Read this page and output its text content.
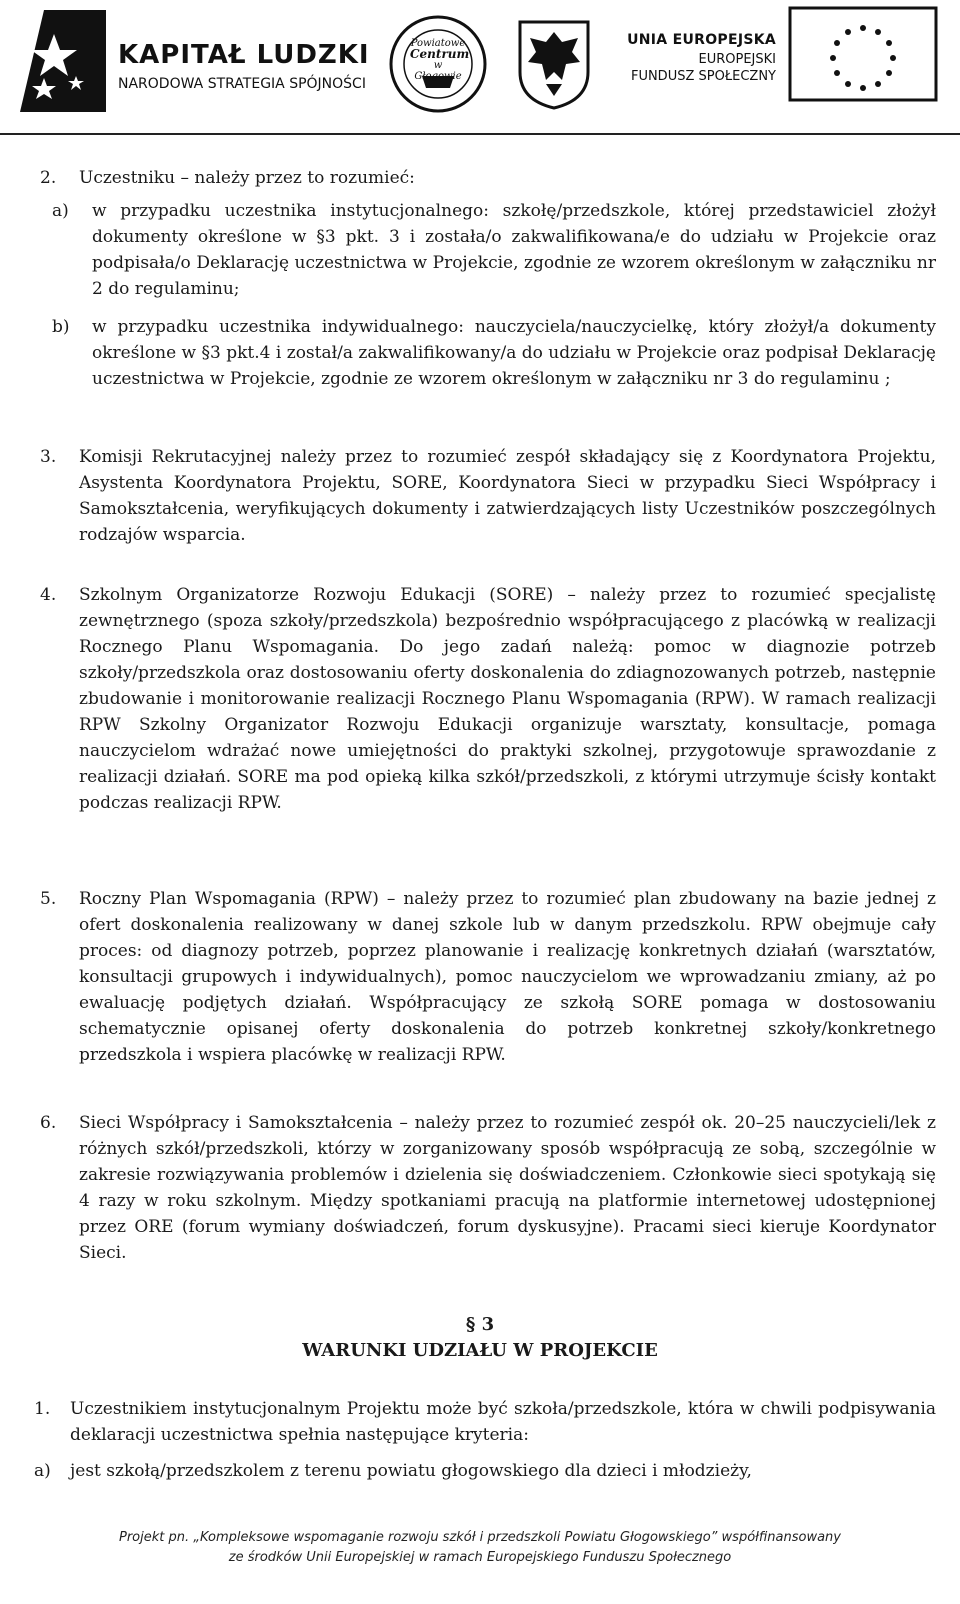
KAPITAŁ LUDZKI
NARODOWA STRATEGIA SPÓJNOŚCI
Powiatowe
Centrum
w Głogowie
UNIA EUROPEJSKA
EUROPEJSKI
FUNDUSZ SPOŁECZNY
2. Uczestniku – należy przez to rozumieć:
a) w przypadku uczestnika instytucjonalnego: szkołę/przedszkole, której przedstawiciel złożył dokumenty określone w §3 pkt. 3 i została/o zakwalifikowana/e do udziału w Projekcie oraz podpisała/o Deklarację uczestnictwa w Projekcie, zgodnie ze wzorem określonym w załączniku nr 2 do regulaminu;
b) w przypadku uczestnika indywidualnego: nauczyciela/nauczycielkę, który złożył/a dokumenty określone w §3 pkt.4 i został/a zakwalifikowany/a do udziału w Projekcie oraz podpisał Deklarację uczestnictwa w Projekcie, zgodnie ze wzorem określonym w załączniku nr 3 do regulaminu ;
3. Komisji Rekrutacyjnej należy przez to rozumieć zespół składający się z Koordynatora Projektu, Asystenta Koordynatora Projektu, SORE, Koordynatora Sieci w przypadku Sieci Współpracy i Samokształcenia, weryfikujących dokumenty i zatwierdzających listy Uczestników poszczególnych rodzajów wsparcia.
4. Szkolnym Organizatorze Rozwoju Edukacji (SORE) – należy przez to rozumieć specjalistę zewnętrznego (spoza szkoły/przedszkola) bezpośrednio współpracującego z placówką w realizacji Rocznego Planu Wspomagania. Do jego zadań należą: pomoc w diagnozie potrzeb szkoły/przedszkola oraz dostosowaniu oferty doskonalenia do zdiagnozowanych potrzeb, następnie zbudowanie i monitorowanie realizacji Rocznego Planu Wspomagania (RPW). W ramach realizacji RPW Szkolny Organizator Rozwoju Edukacji organizuje warsztaty, konsultacje, pomaga nauczycielom wdrażać nowe umiejętności do praktyki szkolnej, przygotowuje sprawozdanie z realizacji działań. SORE ma pod opieką kilka szkół/przedszkoli, z którymi utrzymuje ścisły kontakt podczas realizacji RPW.
5. Roczny Plan Wspomagania (RPW) – należy przez to rozumieć plan zbudowany na bazie jednej z ofert doskonalenia realizowany w danej szkole lub w danym przedszkolu. RPW obejmuje cały proces: od diagnozy potrzeb, poprzez planowanie i realizację konkretnych działań (warsztatów, konsultacji grupowych i indywidualnych), pomoc nauczycielom we wprowadzaniu zmiany, aż po ewaluację podjętych działań. Współpracujący ze szkołą SORE pomaga w dostosowaniu schematycznie opisanej oferty doskonalenia do potrzeb konkretnej szkoły/konkretnego przedszkola i wspiera placówkę w realizacji RPW.
6. Sieci Współpracy i Samokształcenia – należy przez to rozumieć zespół ok. 20–25 nauczycieli/lek z różnych szkół/przedszkoli, którzy w zorganizowany sposób współpracują ze sobą, szczególnie w zakresie rozwiązywania problemów i dzielenia się doświadczeniem. Członkowie sieci spotykają się 4 razy w roku szkolnym. Między spotkaniami pracują na platformie internetowej udostępnionej przez ORE (forum wymiany doświadczeń, forum dyskusyjne). Pracami sieci kieruje Koordynator Sieci.
§ 3
WARUNKI UDZIAŁU W PROJEKCIE
1. Uczestnikiem instytucjonalnym Projektu może być szkoła/przedszkole, która w chwili podpisywania deklaracji uczestnictwa spełnia następujące kryteria:
a) jest szkołą/przedszkolem z terenu powiatu głogowskiego dla dzieci i młodzieży,
Projekt pn. „Kompleksowe wspomaganie rozwoju szkół i przedszkoli Powiatu Głogowskiego” współfinansowany
ze środków Unii Europejskiej w ramach Europejskiego Funduszu Społecznego
